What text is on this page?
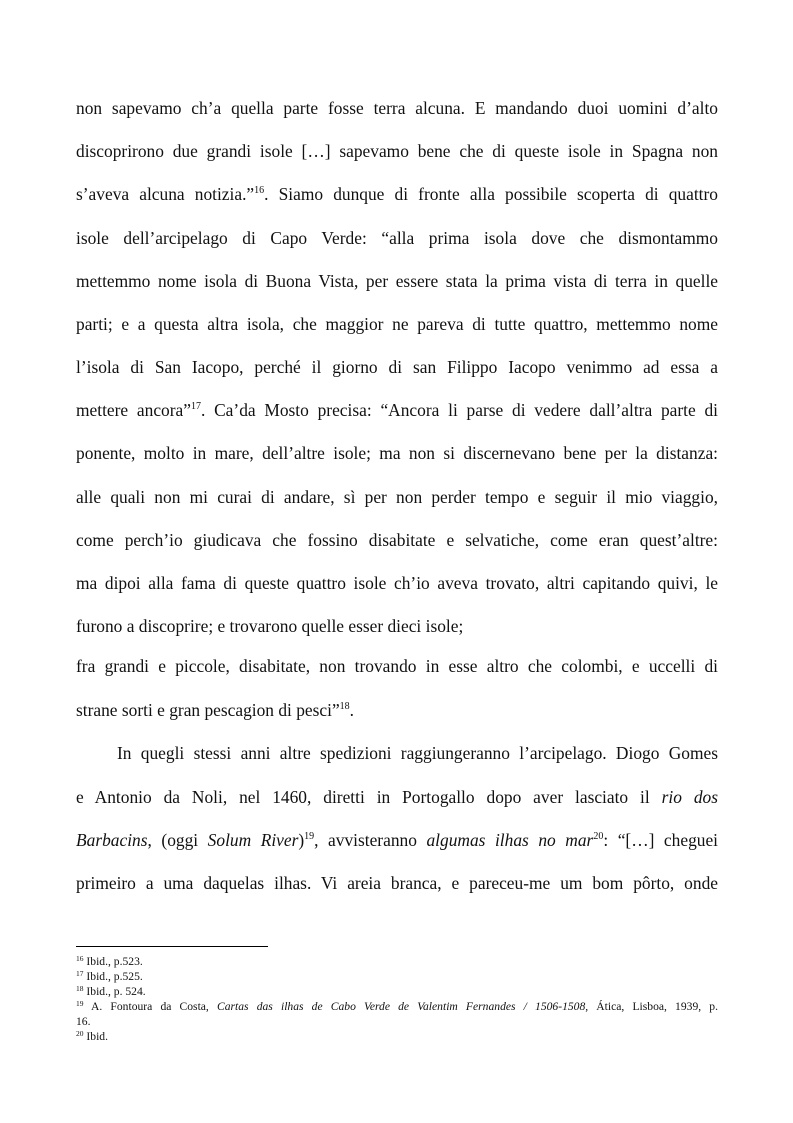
non sapevamo ch’a quella parte fosse terra alcuna. E mandando duoi uomini d’alto
discoprirono due grandi isole […] sapevamo bene che di queste isole in Spagna non
s’aveva alcuna notizia.”$^{16}$. Siamo dunque di fronte alla possibile scoperta di quattro
isole dell’arcipelago di Capo Verde: “alla prima isola dove che dismontammo
mettemmo nome isola di Buona Vista, per essere stata la prima vista di terra in quelle
parti; e a questa altra isola, che maggior ne pareva di tutte quattro, mettemmo nome
l’isola di San Iacopo, perché il giorno di san Filippo Iacopo venimmo ad essa a
mettere ancora”$^{17}$. Ca’da Mosto precisa: “Ancora li parse di vedere dall’altra parte di
ponente, molto in mare, dell’altre isole; ma non si discernevano bene per la distanza:
alle quali non mi curai di andare, sì per non perder tempo e seguir il mio viaggio,
come perch’io giudicava che fossino disabitate e selvatiche, come eran quest’altre:
ma dipoi alla fama di queste quattro isole ch’io aveva trovato, altri capitando quivi, le
furono a discoprire; e trovarono quelle esser dieci isole;
fra grandi e piccole, disabitate, non trovando in esse altro che colombi, e uccelli di
strane sorti e gran pescagion di pesci”$^{18}$.
In quegli stessi anni altre spedizioni raggiungeranno l’arcipelago. Diogo Gomes
e Antonio da Noli, nel 1460, diretti in Portogallo dopo aver lasciato il rio dos
Barbacins, (oggi Solum River)$^{19}$, avvisteranno algumas ilhas no mar$^{20}$: “[…] cheguei
primeiro a uma daquelas ilhas. Vi areia branca, e pareceu-me um bom pôrto, onde
$^{16}$ Ibid., p.523.
$^{17}$ Ibid., p.525.
$^{18}$ Ibid., p. 524.
$^{19}$ A. Fontoura da Costa, Cartas das ilhas de Cabo Verde de Valentim Fernandes / 1506-1508, Ática, Lisboa, 1939, p.
16.
$^{20}$ Ibid.
